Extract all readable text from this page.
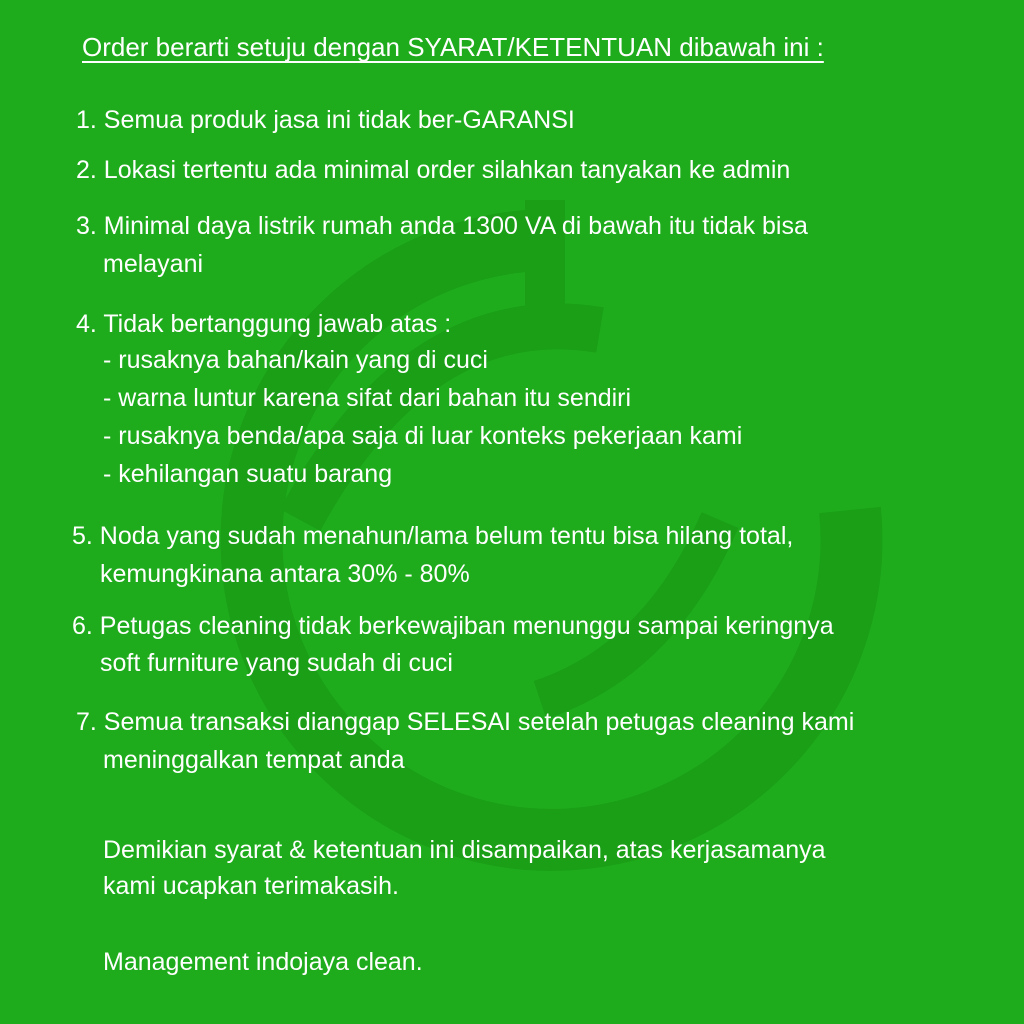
Order berarti setuju dengan SYARAT/KETENTUAN dibawah ini :
1. Semua produk jasa ini tidak ber-GARANSI
2. Lokasi tertentu ada minimal order silahkan tanyakan ke admin
3. Minimal daya listrik rumah anda 1300 VA di bawah itu tidak bisa
melayani
4. Tidak bertanggung jawab atas :
- rusaknya bahan/kain yang di cuci
- warna luntur karena sifat dari bahan itu sendiri
- rusaknya benda/apa saja di luar konteks pekerjaan kami
- kehilangan suatu barang
5. Noda yang sudah menahun/lama belum tentu bisa hilang total,
kemungkinana antara 30% - 80%
6. Petugas cleaning tidak berkewajiban menunggu sampai keringnya
soft furniture yang sudah di cuci
7. Semua transaksi dianggap SELESAI setelah petugas cleaning kami
meninggalkan tempat anda
Demikian syarat & ketentuan ini disampaikan, atas kerjasamanya
kami ucapkan terimakasih.
Management indojaya clean.
